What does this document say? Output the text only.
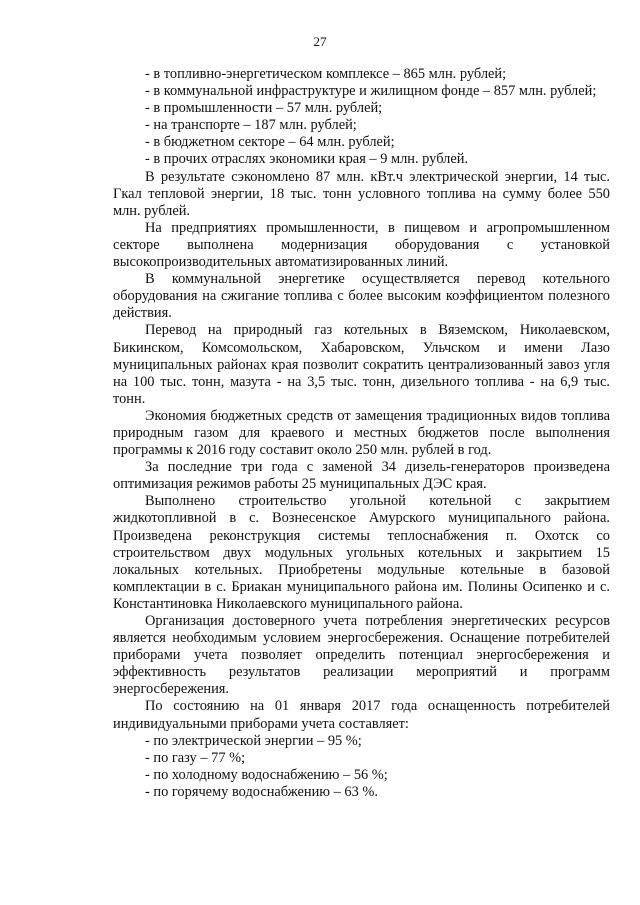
27

- в топливно-энергетическом комплексе – 865 млн. рублей;

- в коммунальной инфраструктуре и жилищном фонде – 857 млн. рублей;

- в промышленности – 57 млн. рублей;

- на транспорте – 187 млн. рублей;

- в бюджетном секторе – 64 млн. рублей;

- в прочих отраслях экономики края – 9 млн. рублей.

В результате сэкономлено 87 млн. кВт.ч электрической энергии, 14 тыс. Гкал тепловой энергии, 18 тыс. тонн условного топлива на сумму более 550 млн. рублей.

На предприятиях промышленности, в пищевом и агропромышленном секторе выполнена модернизация оборудования с установкой высокопроизводительных автоматизированных линий.

В коммунальной энергетике осуществляется перевод котельного оборудования на сжигание топлива с более высоким коэффициентом полезного действия.

Перевод на природный газ котельных в Вяземском, Николаевском, Бикинском, Комсомольском, Хабаровском, Ульчском и имени Лазо муниципальных районах края позволит сократить централизованный завоз угля на 100 тыс. тонн, мазута - на 3,5 тыс. тонн, дизельного топлива - на 6,9 тыс. тонн.

Экономия бюджетных средств от замещения традиционных видов топлива природным газом для краевого и местных бюджетов после выполнения программы к 2016 году составит около 250 млн. рублей в год.

За последние три года с заменой 34 дизель-генераторов произведена оптимизация режимов работы 25 муниципальных ДЭС края.

Выполнено строительство угольной котельной с закрытием жидкотопливной в с. Вознесенское Амурского муниципального района. Произведена реконструкция системы теплоснабжения п. Охотск со строительством двух модульных угольных котельных и закрытием 15 локальных котельных. Приобретены модульные котельные в базовой комплектации в с. Бриакан муниципального района им. Полины Осипенко и с. Константиновка Николаевского муниципального района.

Организация достоверного учета потребления энергетических ресурсов является необходимым условием энергосбережения. Оснащение потребителей приборами учета позволяет определить потенциал энергосбережения и эффективность результатов реализации мероприятий и программ энергосбережения.

По состоянию на 01 января 2017 года оснащенность потребителей индивидуальными приборами учета составляет:

- по электрической энергии – 95 %;

- по газу – 77 %;

- по холодному водоснабжению – 56 %;

- по горячему водоснабжению – 63 %.
